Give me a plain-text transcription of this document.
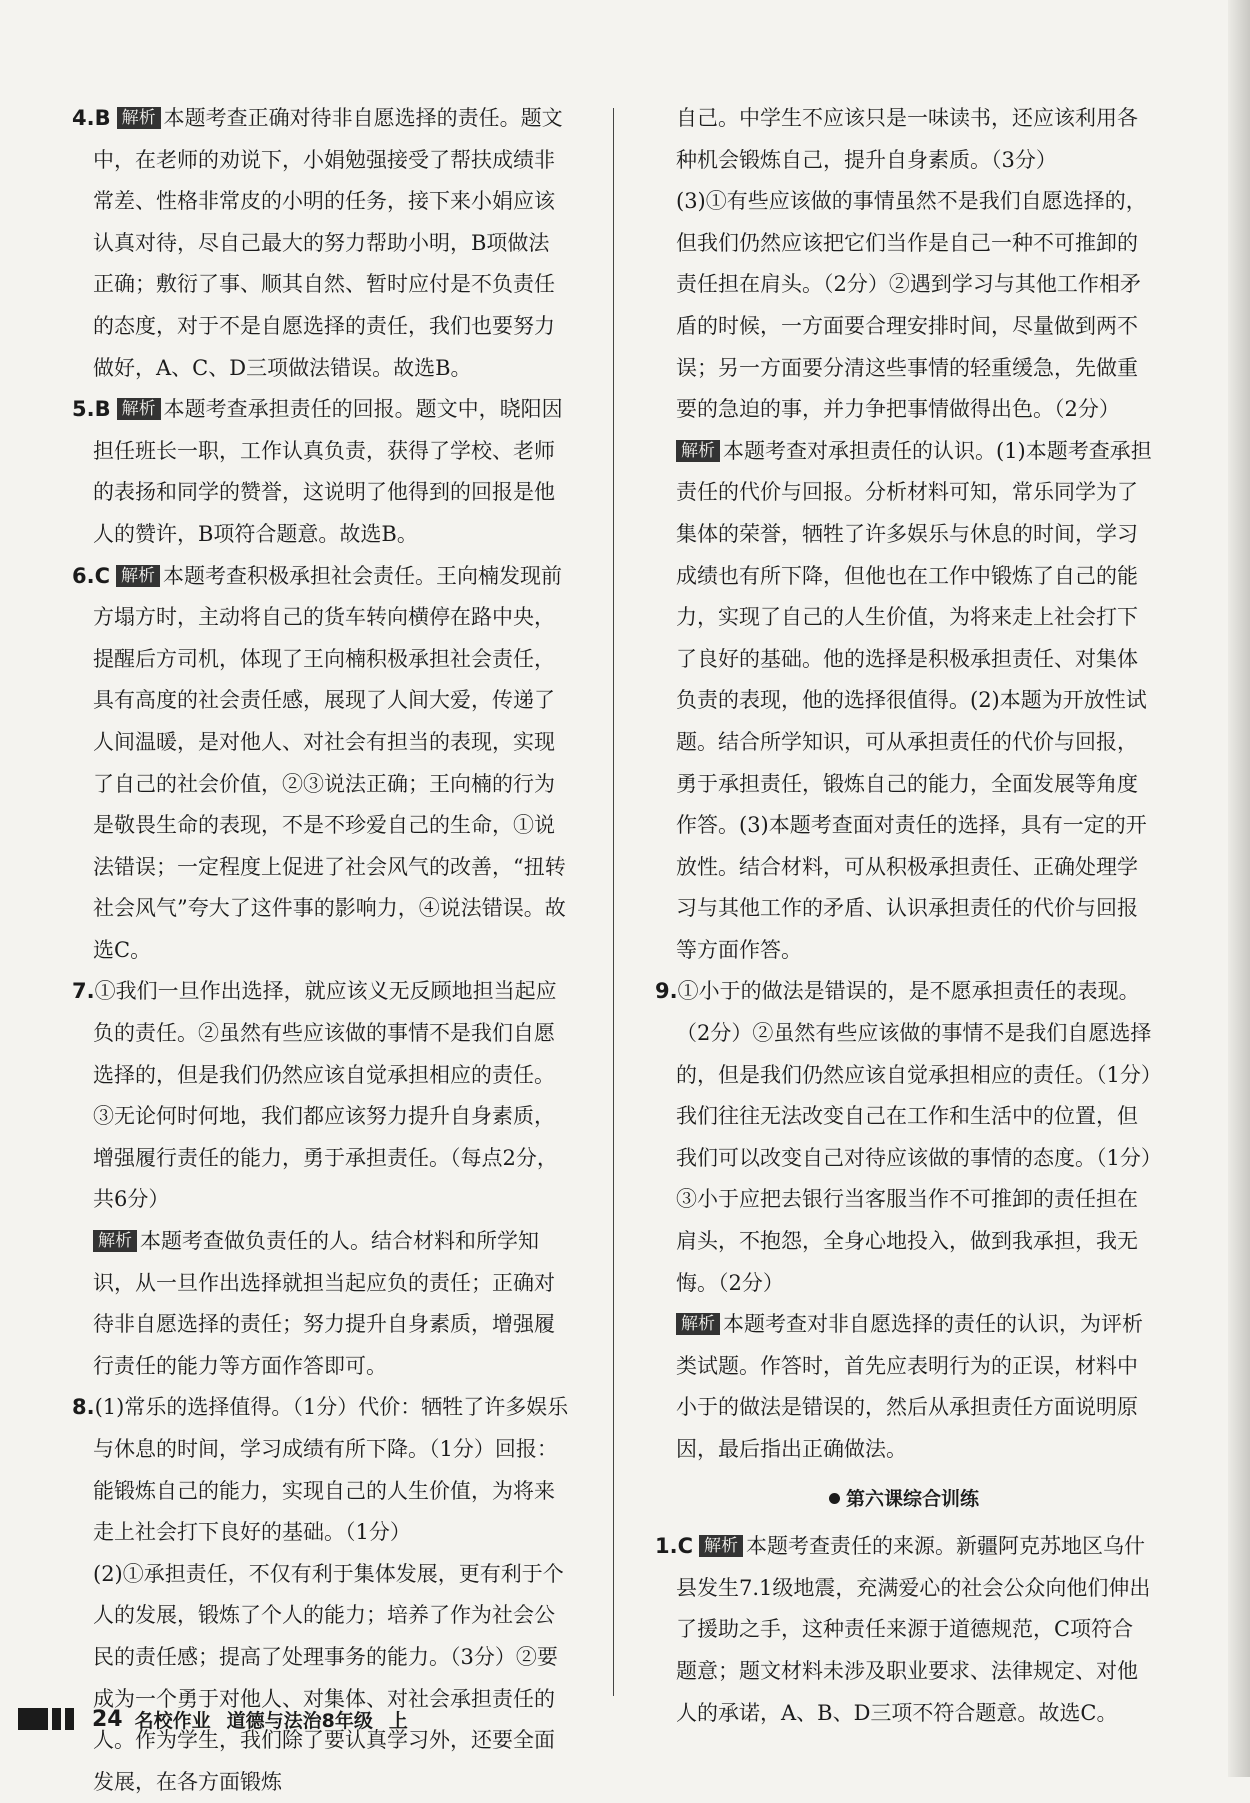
4.B 解析 本题考查正确对待非自愿选择的责任。题文中，在老师的劝说下，小娟勉强接受了帮扶成绩非常差、性格非常皮的小明的任务，接下来小娟应该认真对待，尽自己最大的努力帮助小明，B项做法正确；敷衍了事、顺其自然、暂时应付是不负责任的态度，对于不是自愿选择的责任，我们也要努力做好，A、C、D三项做法错误。故选B。

5.B 解析 本题考查承担责任的回报。题文中，晓阳因担任班长一职，工作认真负责，获得了学校、老师的表扬和同学的赞誉，这说明了他得到的回报是他人的赞许，B项符合题意。故选B。

6.C 解析 本题考查积极承担社会责任。王向楠发现前方塌方时，主动将自己的货车转向横停在路中央，提醒后方司机，体现了王向楠积极承担社会责任，具有高度的社会责任感，展现了人间大爱，传递了人间温暖，是对他人、对社会有担当的表现，实现了自己的社会价值，②③说法正确；王向楠的行为是敬畏生命的表现，不是不珍爱自己的生命，①说法错误；一定程度上促进了社会风气的改善，“扭转社会风气”夸大了这件事的影响力，④说法错误。故选C。

7.①我们一旦作出选择，就应该义无反顾地担当起应负的责任。②虽然有些应该做的事情不是我们自愿选择的，但是我们仍然应该自觉承担相应的责任。③无论何时何地，我们都应该努力提升自身素质，增强履行责任的能力，勇于承担责任。（每点2分，共6分）

解析 本题考查做负责任的人。结合材料和所学知识，从一旦作出选择就担当起应负的责任；正确对待非自愿选择的责任；努力提升自身素质，增强履行责任的能力等方面作答即可。

8.(1)常乐的选择值得。（1分）代价：牺牲了许多娱乐与休息的时间，学习成绩有所下降。（1分）回报：能锻炼自己的能力，实现自己的人生价值，为将来走上社会打下良好的基础。（1分）

(2)①承担责任，不仅有利于集体发展，更有利于个人的发展，锻炼了个人的能力；培养了作为社会公民的责任感；提高了处理事务的能力。（3分）②要成为一个勇于对他人、对集体、对社会承担责任的人。作为学生，我们除了要认真学习外，还要全面发展，在各方面锻炼

自己。中学生不应该只是一味读书，还应该利用各种机会锻炼自己，提升自身素质。（3分）

(3)①有些应该做的事情虽然不是我们自愿选择的，但我们仍然应该把它们当作是自己一种不可推卸的责任担在肩头。（2分）②遇到学习与其他工作相矛盾的时候，一方面要合理安排时间，尽量做到两不误；另一方面要分清这些事情的轻重缓急，先做重要的急迫的事，并力争把事情做得出色。（2分）

解析 本题考查对承担责任的认识。(1)本题考查承担责任的代价与回报。分析材料可知，常乐同学为了集体的荣誉，牺牲了许多娱乐与休息的时间，学习成绩也有所下降，但他也在工作中锻炼了自己的能力，实现了自己的人生价值，为将来走上社会打下了良好的基础。他的选择是积极承担责任、对集体负责的表现，他的选择很值得。(2)本题为开放性试题。结合所学知识，可从承担责任的代价与回报，勇于承担责任，锻炼自己的能力，全面发展等角度作答。(3)本题考查面对责任的选择，具有一定的开放性。结合材料，可从积极承担责任、正确处理学习与其他工作的矛盾、认识承担责任的代价与回报等方面作答。

9.①小于的做法是错误的，是不愿承担责任的表现。（2分）②虽然有些应该做的事情不是我们自愿选择的，但是我们仍然应该自觉承担相应的责任。（1分）我们往往无法改变自己在工作和生活中的位置，但我们可以改变自己对待应该做的事情的态度。（1分）③小于应把去银行当客服当作不可推卸的责任担在肩头，不抱怨，全身心地投入，做到我承担，我无悔。（2分）

解析 本题考查对非自愿选择的责任的认识，为评析类试题。作答时，首先应表明行为的正误，材料中小于的做法是错误的，然后从承担责任方面说明原因，最后指出正确做法。

第六课综合训练

1.C 解析 本题考查责任的来源。新疆阿克苏地区乌什县发生7.1级地震，充满爱心的社会公众向他们伸出了援助之手，这种责任来源于道德规范，C项符合题意；题文材料未涉及职业要求、法律规定、对他人的承诺，A、B、D三项不符合题意。故选C。

24 名校作业 道德与法治8年级 上
